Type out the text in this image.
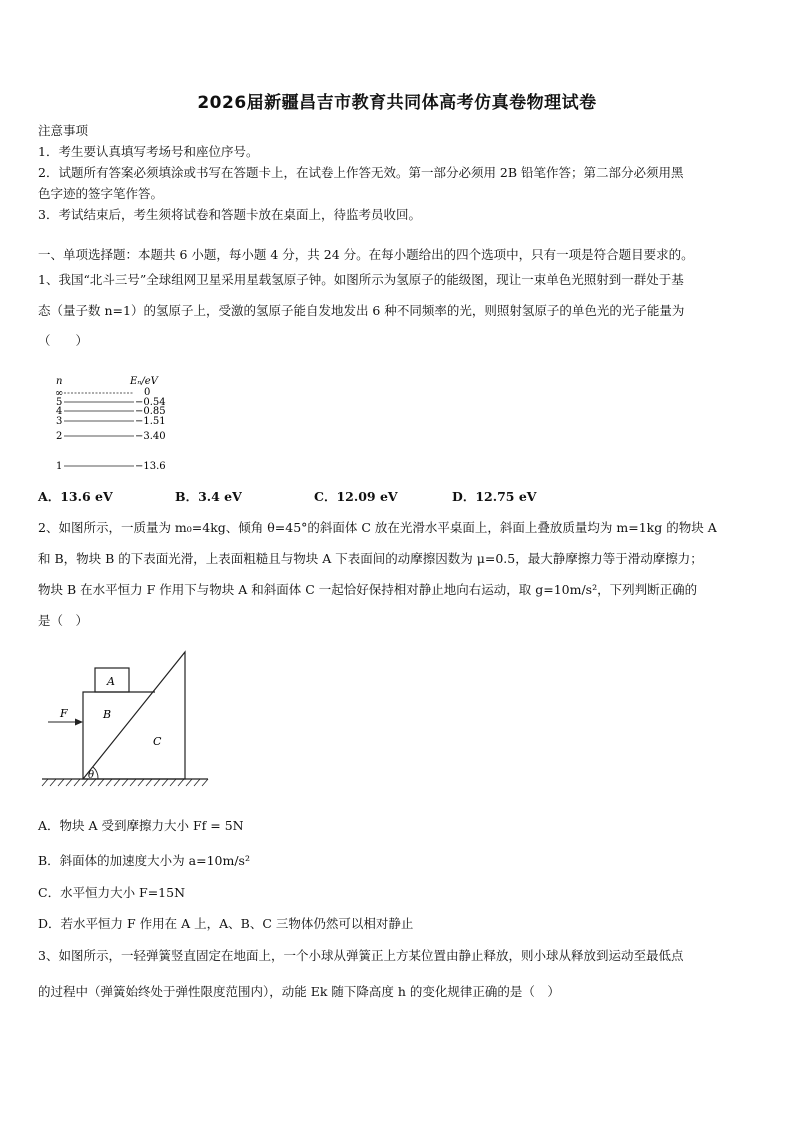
2026届新疆昌吉市教育共同体高考仿真卷物理试卷
注意事项
1．考生要认真填写考场号和座位序号。
2．试题所有答案必须填涂或书写在答题卡上，在试卷上作答无效。第一部分必须用 2B 铅笔作答；第二部分必须用黑
色字迹的签字笔作答。
3．考试结束后，考生须将试卷和答题卡放在桌面上，待监考员收回。
一、单项选择题：本题共 6 小题，每小题 4 分，共 24 分。在每小题给出的四个选项中，只有一项是符合题目要求的。
1、我国“北斗三号”全球组网卫星采用星载氢原子钟。如图所示为氢原子的能级图，现让一束单色光照射到一群处于基
态（量子数 n=1）的氢原子上，受激的氢原子能自发地发出 6 种不同频率的光，则照射氢原子的单色光的光子能量为
（　　）
n	Eₙ/eV
∞	0
5	−0.54
4	−0.85
3	−1.51
2	−3.40
1	−13.6
A．13.6 eV	B．3.4 eV	C．12.09 eV	D．12.75 eV
2、如图所示，一质量为 m₀=4kg、倾角 θ=45°的斜面体 C 放在光滑水平桌面上，斜面上叠放质量均为 m=1kg 的物块 A
和 B，物块 B 的下表面光滑，上表面粗糙且与物块 A 下表面间的动摩擦因数为 μ=0.5，最大静摩擦力等于滑动摩擦力；
物块 B 在水平恒力 F 作用下与物块 A 和斜面体 C 一起恰好保持相对静止地向右运动，取 g=10m/s²，下列判断正确的
是（　）
A
B
C
F
θ
A．物块 A 受到摩擦力大小 Ff = 5N
B．斜面体的加速度大小为 a=10m/s²
C．水平恒力大小 F=15N
D．若水平恒力 F 作用在 A 上，A、B、C 三物体仍然可以相对静止
3、如图所示，一轻弹簧竖直固定在地面上，一个小球从弹簧正上方某位置由静止释放，则小球从释放到运动至最低点
的过程中（弹簧始终处于弹性限度范围内），动能 Ek 随下降高度 h 的变化规律正确的是（　）
